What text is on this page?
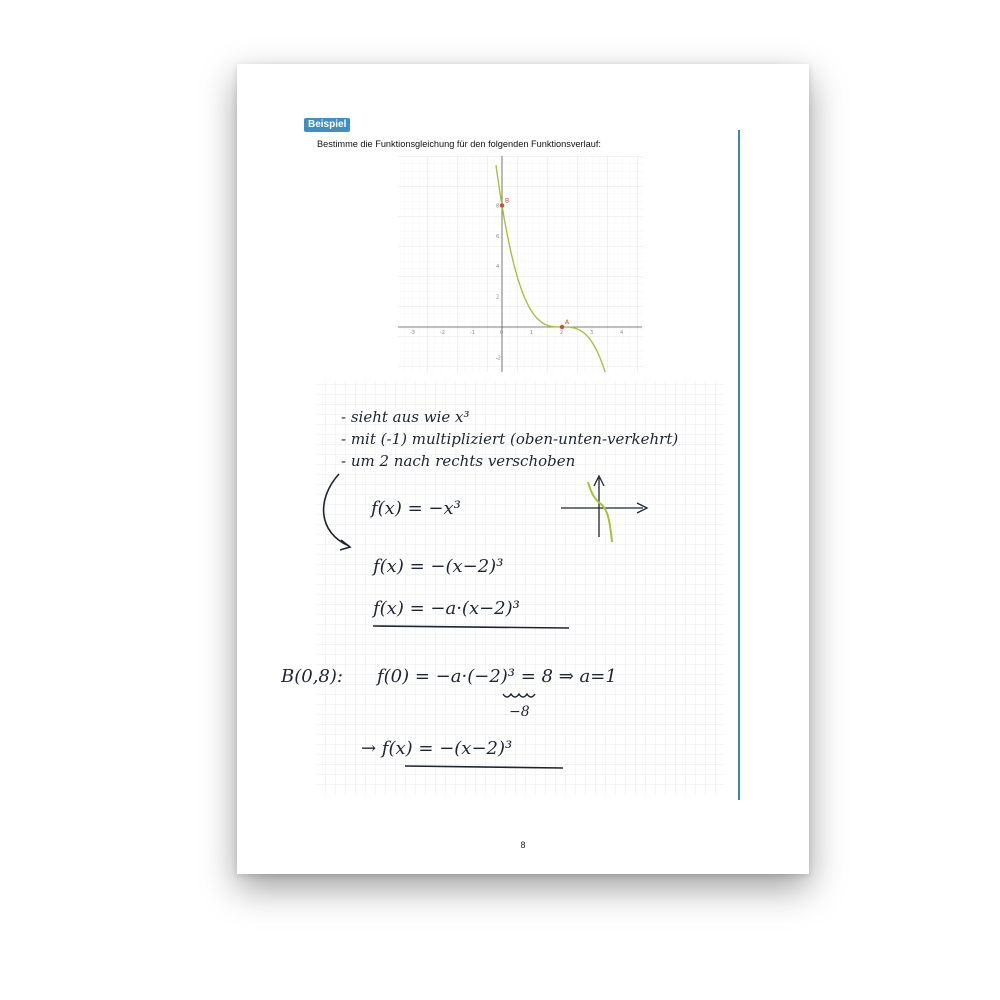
Beispiel
Bestimme die Funktionsgleichung für den folgenden Funktionsverlauf:
-3	-2	-1	0	1	2	3	4
8
6
4
2
-2
B
A
- sieht aus wie x³
- mit (-1) multipliziert (oben-unten-verkehrt)
- um 2 nach rechts verschoben
f(x) = −x³
f(x) = −(x−2)³
f(x) = −a·(x−2)³
B(0,8): f(0) = −a·(−2)³ = 8 ⇒ a=1
−8
→ f(x) = −(x−2)³
8
